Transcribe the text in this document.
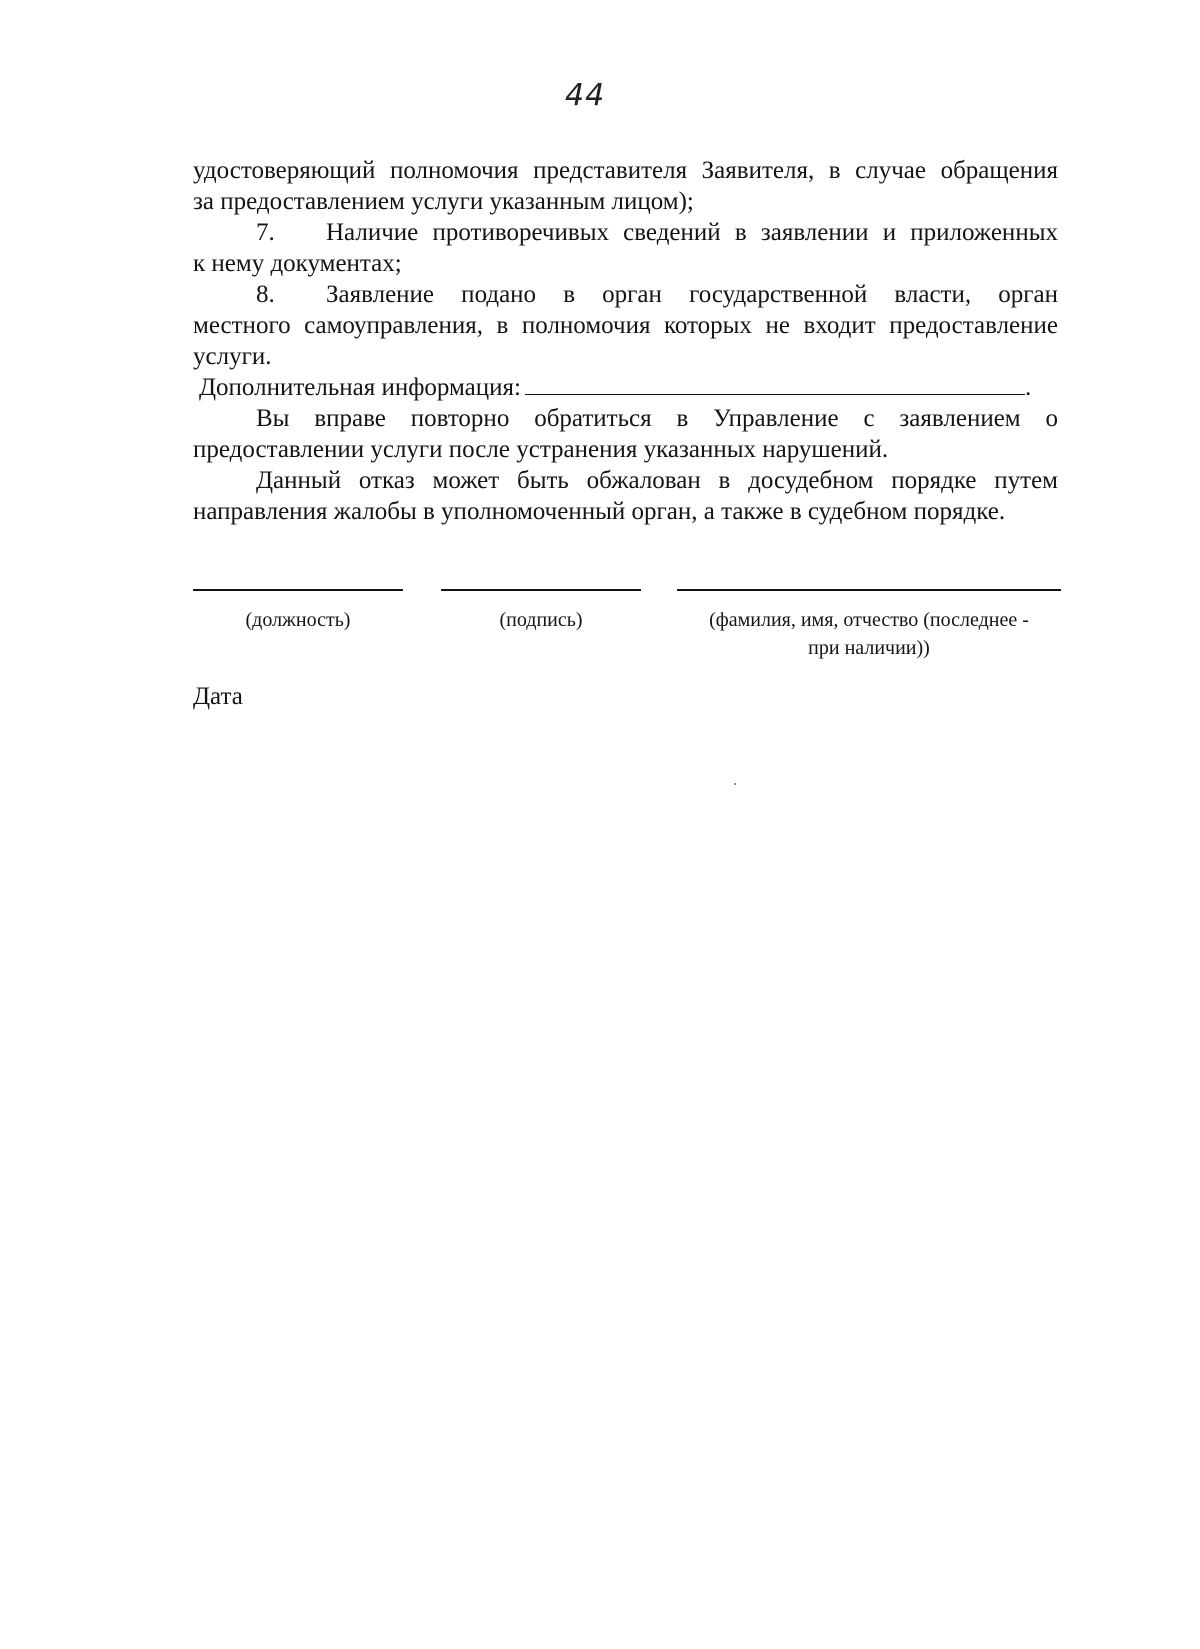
44

удостоверяющий полномочия представителя Заявителя, в случае обращения

за предоставлением услуги указанным лицом);

7. Наличие противоречивых сведений в заявлении и приложенных

к нему документах;

8. Заявление подано в орган государственной власти, орган

местного самоуправления, в полномочия которых не входит предоставление

услуги.

Дополнительная информация:	.

Вы вправе повторно обратиться в Управление с заявлением о

предоставлении услуги после устранения указанных нарушений.

Данный отказ может быть обжалован в досудебном порядке путем

направления жалобы в уполномоченный орган, а также в судебном порядке.

(должность)	(подпись)	(фамилия, имя, отчество (последнее -
при наличии))
Дата
